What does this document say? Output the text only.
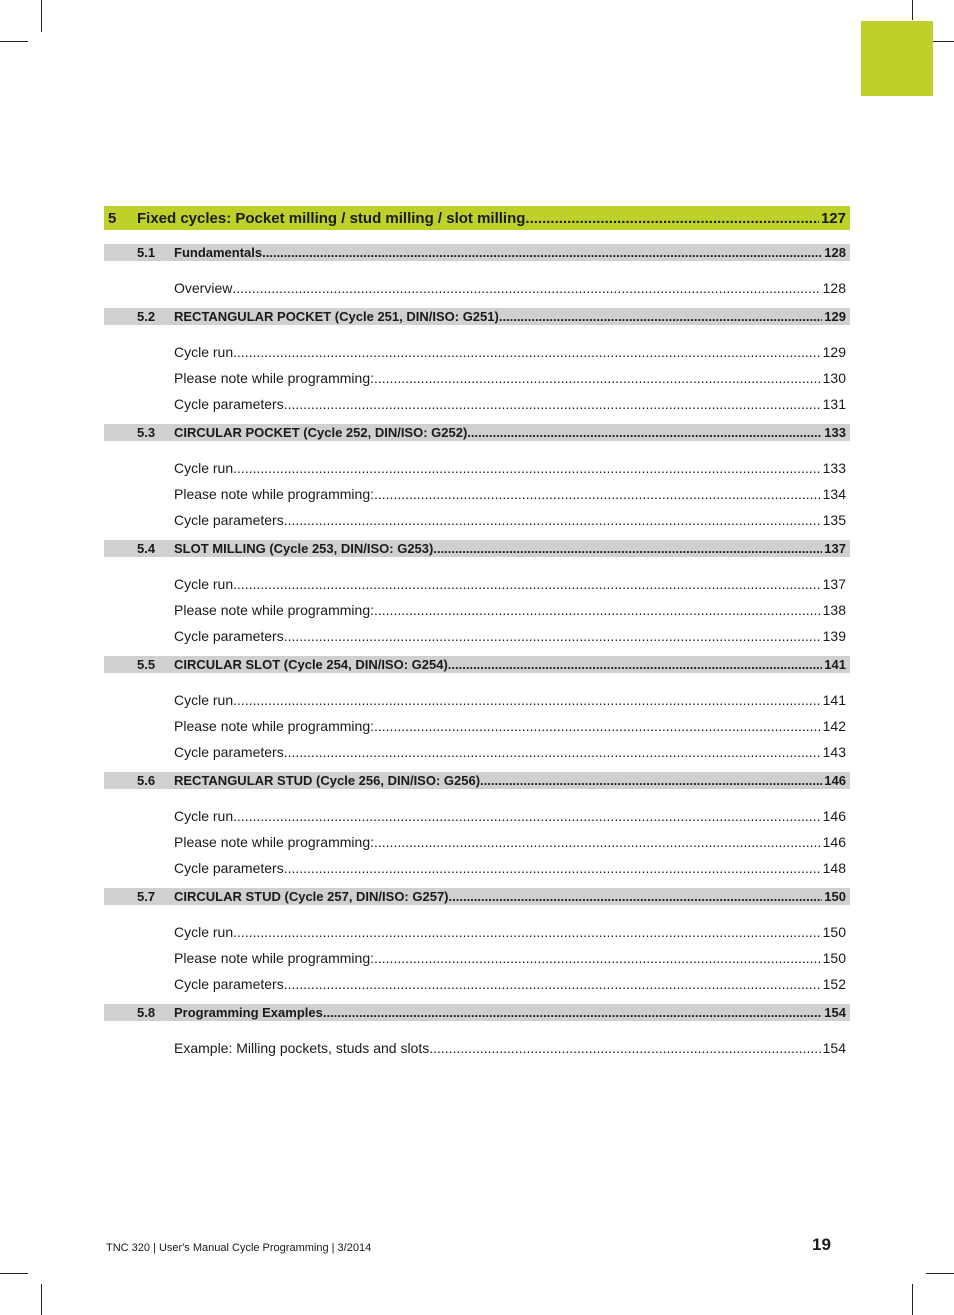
5	Fixed cycles: Pocket milling / stud milling / slot milling .....	127
5.1	Fundamentals .....	128
Overview .....	128
5.2	RECTANGULAR POCKET (Cycle 251, DIN/ISO: G251) .....	129
Cycle run .....	129
Please note while programming: .....	130
Cycle parameters .....	131
5.3	CIRCULAR POCKET (Cycle 252, DIN/ISO: G252) .....	133
Cycle run .....	133
Please note while programming: .....	134
Cycle parameters .....	135
5.4	SLOT MILLING (Cycle 253, DIN/ISO: G253) .....	137
Cycle run .....	137
Please note while programming: .....	138
Cycle parameters .....	139
5.5	CIRCULAR SLOT (Cycle 254, DIN/ISO: G254) .....	141
Cycle run .....	141
Please note while programming: .....	142
Cycle parameters .....	143
5.6	RECTANGULAR STUD (Cycle 256, DIN/ISO: G256) .....	146
Cycle run .....	146
Please note while programming: .....	146
Cycle parameters .....	148
5.7	CIRCULAR STUD (Cycle 257, DIN/ISO: G257) .....	150
Cycle run .....	150
Please note while programming: .....	150
Cycle parameters .....	152
5.8	Programming Examples .....	154
Example: Milling pockets, studs and slots .....	154
TNC 320 | User's Manual Cycle Programming | 3/2014	19
